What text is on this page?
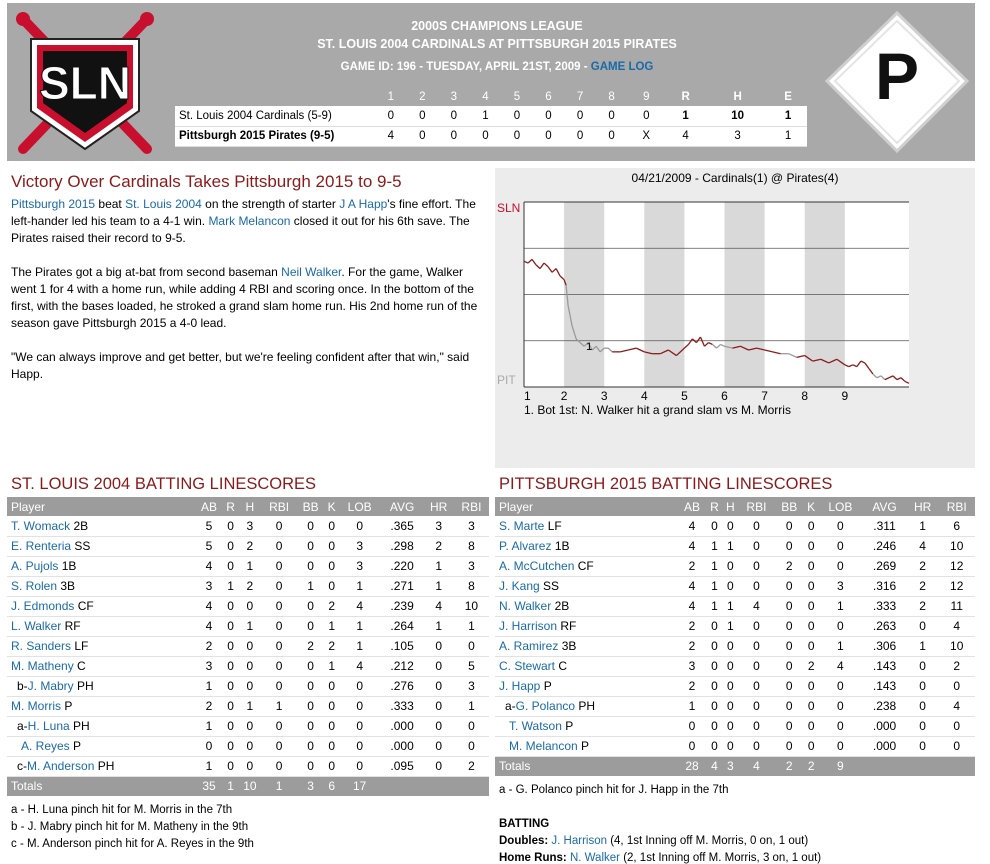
SLN
2000S CHAMPIONS LEAGUE
ST. LOUIS 2004 CARDINALS AT PITTSBURGH 2015 PIRATES
GAME ID: 196 - TUESDAY, APRIL 21ST, 2009 - GAME LOG
	1	2	3	4	5	6	7	8	9	R	H	E
St. Louis 2004 Cardinals (5-9)	0	0	0	1	0	0	0	0	0	1	10	1
Pittsburgh 2015 Pirates (9-5)	4	0	0	0	0	0	0	0	X	4	3	1
P
Victory Over Cardinals Takes Pittsburgh 2015 to 9-5

Pittsburgh 2015 beat St. Louis 2004 on the strength of starter J A Happ's fine effort. The left-hander led his team to a 4-1 win. Mark Melancon closed it out for his 6th save. The Pirates raised their record to 9-5.

The Pirates got a big at-bat from second baseman Neil Walker. For the game, Walker went 1 for 4 with a home run, while adding 4 RBI and scoring once. In the bottom of the first, with the bases loaded, he stroked a grand slam home run. His 2nd home run of the season gave Pittsburgh 2015 a 4-0 lead.

"We can always improve and get better, but we're feeling confident after that win," said Happ.

04/21/2009 - Cardinals(1) @ Pirates(4)
SLN
PIT
1
1	2	3	4	5	6	7	8	9
1. Bot 1st: N. Walker hit a grand slam vs M. Morris
ST. LOUIS 2004 BATTING LINESCORES
Player	AB	R	H	RBI	BB	K	LOB	AVG	HR	RBI
T. Womack 2B	5	0	3	0	0	0	0	.365	3	3
E. Renteria SS	5	0	2	0	0	0	3	.298	2	8
A. Pujols 1B	4	0	1	0	0	0	3	.220	1	3
S. Rolen 3B	3	1	2	0	1	0	1	.271	1	8
J. Edmonds CF	4	0	0	0	0	2	4	.239	4	10
L. Walker RF	4	0	1	0	0	1	1	.264	1	1
R. Sanders LF	2	0	0	0	2	2	1	.105	0	0
M. Matheny C	3	0	0	0	0	1	4	.212	0	5
b-J. Mabry PH	1	0	0	0	0	0	0	.276	0	3
M. Morris P	2	0	1	1	0	0	0	.333	0	1
a-H. Luna PH	1	0	0	0	0	0	0	.000	0	0
A. Reyes P	0	0	0	0	0	0	0	.000	0	0
c-M. Anderson PH	1	0	0	0	0	0	0	.095	0	2
Totals	35	1	10	1	3	6	17			
a - H. Luna pinch hit for M. Morris in the 7th
b - J. Mabry pinch hit for M. Matheny in the 9th
c - M. Anderson pinch hit for A. Reyes in the 9th
PITTSBURGH 2015 BATTING LINESCORES
Player	AB	R	H	RBI	BB	K	LOB	AVG	HR	RBI
S. Marte LF	4	0	0	0	0	0	0	.311	1	6
P. Alvarez 1B	4	1	1	0	0	0	0	.246	4	10
A. McCutchen CF	2	1	0	0	2	0	0	.269	2	12
J. Kang SS	4	1	0	0	0	0	3	.316	2	12
N. Walker 2B	4	1	1	4	0	0	1	.333	2	11
J. Harrison RF	2	0	1	0	0	0	0	.263	0	4
A. Ramirez 3B	2	0	0	0	0	0	1	.306	1	10
C. Stewart C	3	0	0	0	0	2	4	.143	0	2
J. Happ P	2	0	0	0	0	0	0	.143	0	0
a-G. Polanco PH	1	0	0	0	0	0	0	.238	0	4
T. Watson P	0	0	0	0	0	0	0	.000	0	0
M. Melancon P	0	0	0	0	0	0	0	.000	0	0
Totals	28	4	3	4	2	2	9			
a - G. Polanco pinch hit for J. Happ in the 7th
BATTING
Doubles: J. Harrison (4, 1st Inning off M. Morris, 0 on, 1 out)
Home Runs: N. Walker (2, 1st Inning off M. Morris, 3 on, 1 out)
